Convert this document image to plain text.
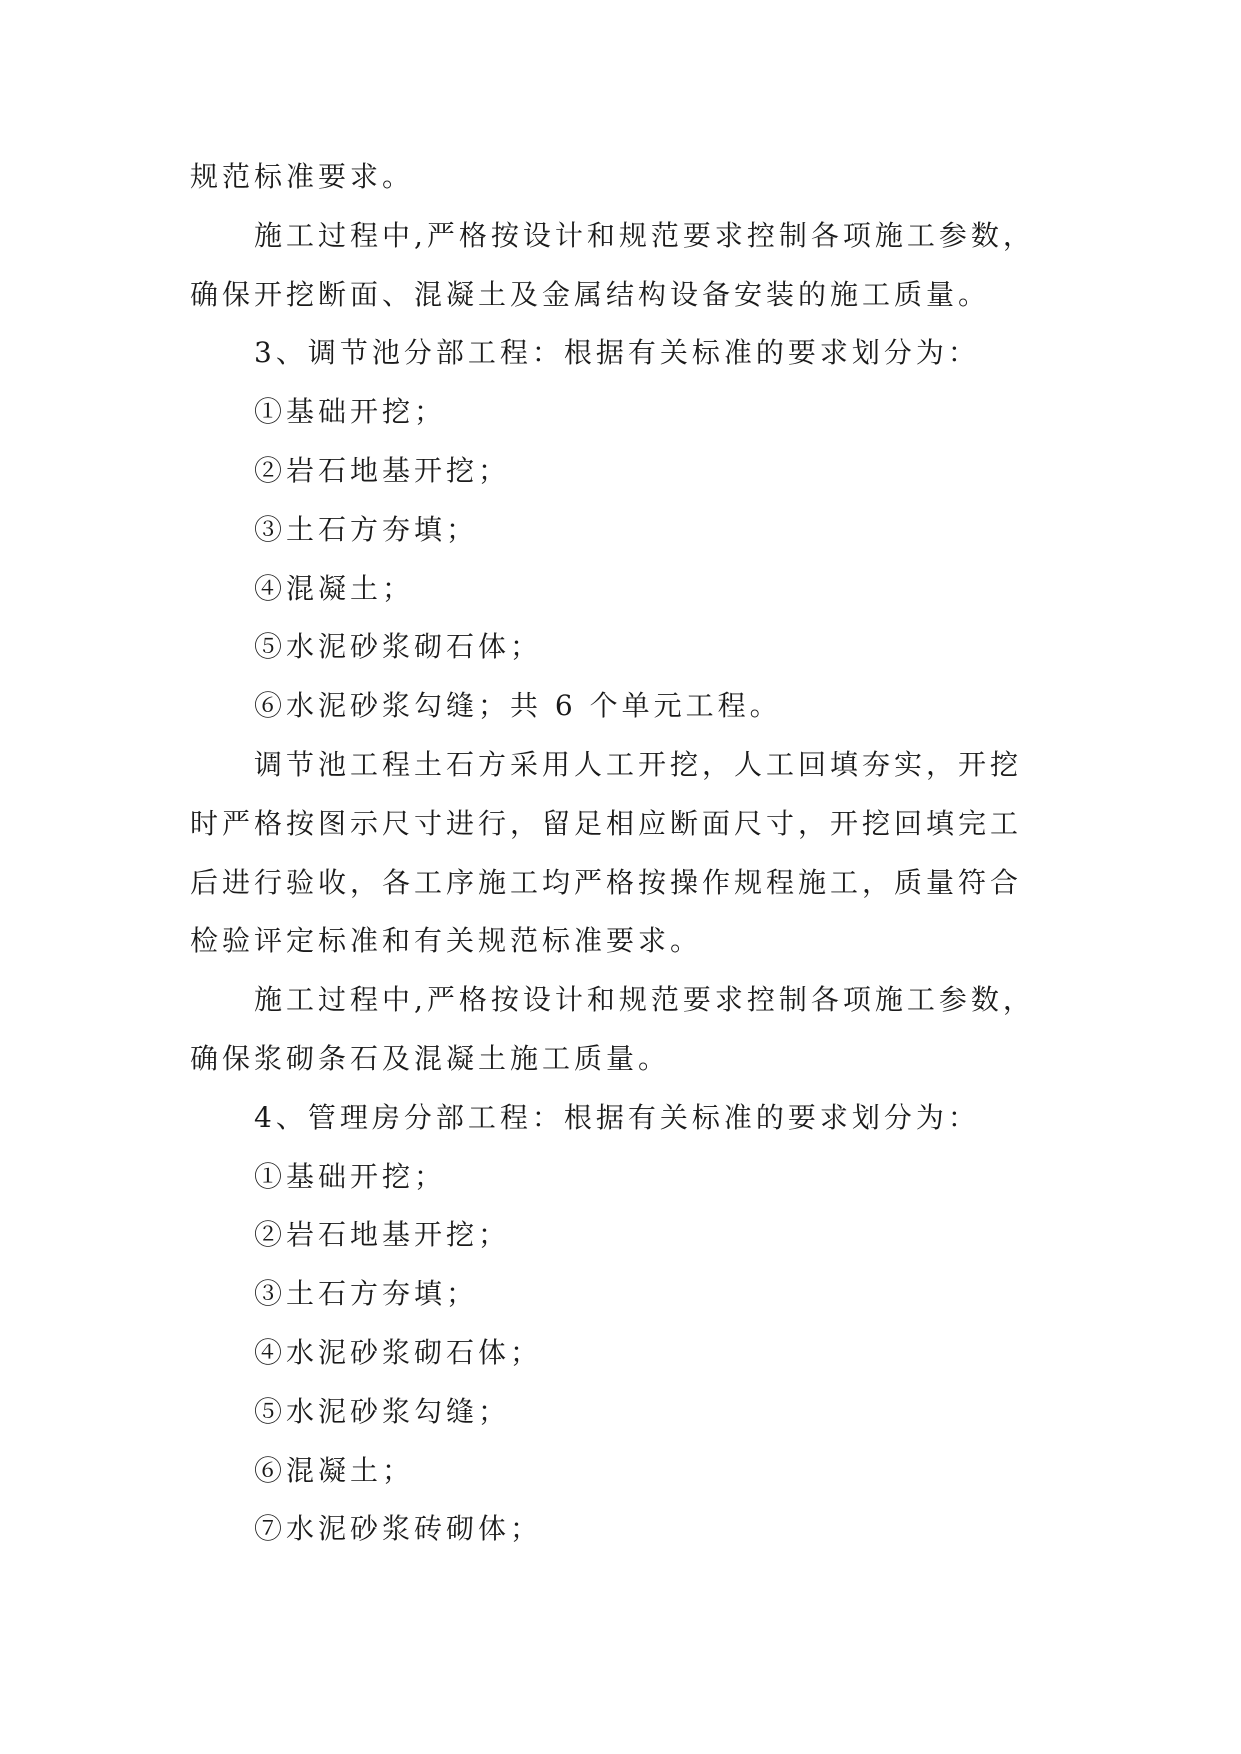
规范标准要求。
施工过程中,严格按设计和规范要求控制各项施工参数，
确保开挖断面、混凝土及金属结构设备安装的施工质量。
3、调节池分部工程：根据有关标准的要求划分为：
①基础开挖；
②岩石地基开挖；
③土石方夯填；
④混凝土；
⑤水泥砂浆砌石体；
⑥水泥砂浆勾缝；共 6 个单元工程。
调节池工程土石方采用人工开挖，人工回填夯实，开挖
时严格按图示尺寸进行，留足相应断面尺寸，开挖回填完工
后进行验收，各工序施工均严格按操作规程施工，质量符合
检验评定标准和有关规范标准要求。
施工过程中,严格按设计和规范要求控制各项施工参数，
确保浆砌条石及混凝土施工质量。
4、管理房分部工程：根据有关标准的要求划分为：
①基础开挖；
②岩石地基开挖；
③土石方夯填；
④水泥砂浆砌石体；
⑤水泥砂浆勾缝；
⑥混凝土；
⑦水泥砂浆砖砌体；
